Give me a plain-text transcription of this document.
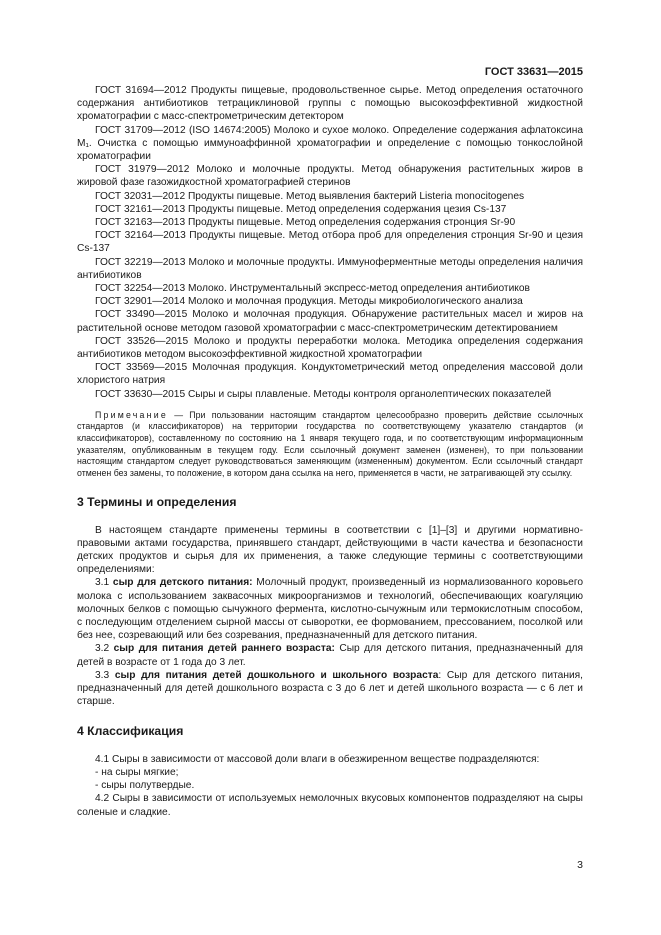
ГОСТ 33631—2015
ГОСТ 31694—2012 Продукты пищевые, продовольственное сырье. Метод определения остаточного содержания антибиотиков тетрациклиновой группы с помощью высокоэффективной жидкостной хроматографии с масс-спектрометрическим детектором
ГОСТ 31709—2012 (ISO 14674:2005) Молоко и сухое молоко. Определение содержания афлатоксина M₁. Очистка с помощью иммуноаффинной хроматографии и определение с помощью тонкослойной хроматографии
ГОСТ 31979—2012 Молоко и молочные продукты. Метод обнаружения растительных жиров в жировой фазе газожидкостной хроматографией стеринов
ГОСТ 32031—2012 Продукты пищевые. Метод выявления бактерий Listeria monocitogenes
ГОСТ 32161—2013 Продукты пищевые. Метод определения содержания цезия Cs-137
ГОСТ 32163—2013 Продукты пищевые. Метод определения содержания стронция Sr-90
ГОСТ 32164—2013 Продукты пищевые. Метод отбора проб для определения стронция Sr-90 и цезия Cs-137
ГОСТ 32219—2013 Молоко и молочные продукты. Иммуноферментные методы определения наличия антибиотиков
ГОСТ 32254—2013 Молоко. Инструментальный экспресс-метод определения антибиотиков
ГОСТ 32901—2014 Молоко и молочная продукция. Методы микробиологического анализа
ГОСТ 33490—2015 Молоко и молочная продукция. Обнаружение растительных масел и жиров на растительной основе методом газовой хроматографии с масс-спектрометрическим детектированием
ГОСТ 33526—2015 Молоко и продукты переработки молока. Методика определения содержания антибиотиков методом высокоэффективной жидкостной хроматографии
ГОСТ 33569—2015 Молочная продукция. Кондуктометрический метод определения массовой доли хлористого натрия
ГОСТ 33630—2015 Сыры и сыры плавленые. Методы контроля органолептических показателей
Примечание — При пользовании настоящим стандартом целесообразно проверить действие ссылочных стандартов (и классификаторов) на территории государства по соответствующему указателю стандартов (и классификаторов), составленному по состоянию на 1 января текущего года, и по соответствующим информационным указателям, опубликованным в текущем году. Если ссылочный документ заменен (изменен), то при пользовании настоящим стандартом следует руководствоваться заменяющим (измененным) документом. Если ссылочный стандарт отменен без замены, то положение, в котором дана ссылка на него, применяется в части, не затрагивающей эту ссылку.
3 Термины и определения
В настоящем стандарте применены термины в соответствии с [1]–[3] и другими нормативно-правовыми актами государства, принявшего стандарт, действующими в части качества и безопасности детских продуктов и сырья для их применения, а также следующие термины с соответствующими определениями:
3.1 сыр для детского питания: Молочный продукт, произведенный из нормализованного коровьего молока с использованием заквасочных микроорганизмов и технологий, обеспечивающих коагуляцию молочных белков с помощью сычужного фермента, кислотно-сычужным или термокислотным способом, с последующим отделением сырной массы от сыворотки, ее формованием, прессованием, посолкой или без нее, созревающий или без созревания, предназначенный для детского питания.
3.2 сыр для питания детей раннего возраста: Сыр для детского питания, предназначенный для детей в возрасте от 1 года до 3 лет.
3.3 сыр для питания детей дошкольного и школьного возраста: Сыр для детского питания, предназначенный для детей дошкольного возраста с 3 до 6 лет и детей школьного возраста — с 6 лет и старше.
4 Классификация
4.1 Сыры в зависимости от массовой доли влаги в обезжиренном веществе подразделяются:
- на сыры мягкие;
- сыры полутвердые.
4.2 Сыры в зависимости от используемых немолочных вкусовых компонентов подразделяют на сыры соленые и сладкие.
3
